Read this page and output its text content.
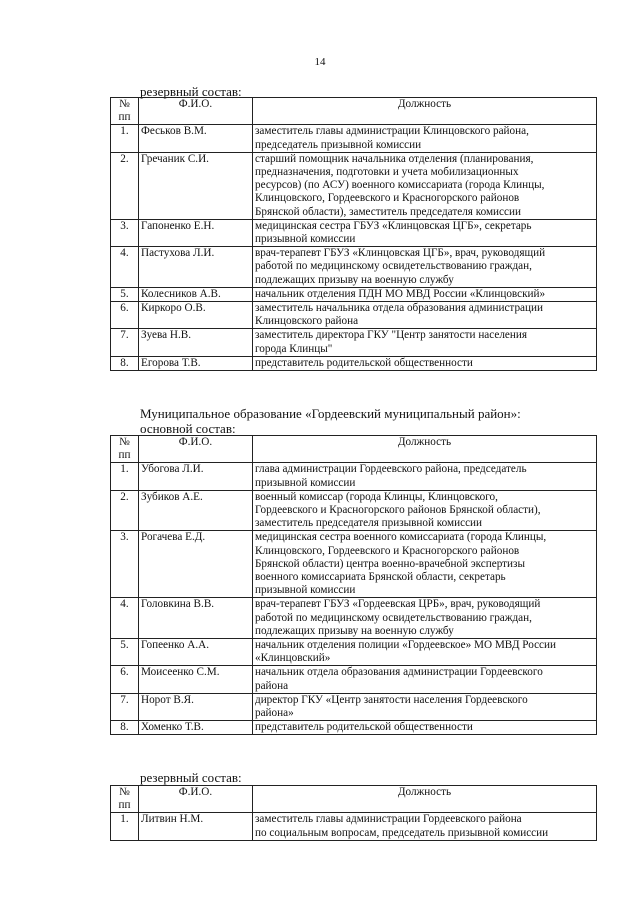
14
резервный состав:
№ пп	Ф.И.О.	Должность
1.	Феськов В.М.	заместитель главы администрации Клинцовского района,
председатель призывной комиссии

2.	Гречаник С.И.	старший помощник начальника отделения (планирования,
предназначения, подготовки и учета мобилизационных
ресурсов) (по АСУ) военного комиссариата (города Клинцы,
Клинцовского, Гордеевского и Красногорского районов
Брянской области), заместитель председателя комиссии

3.	Гапоненко Е.Н.	медицинская сестра ГБУЗ «Клинцовская ЦГБ», секретарь
призывной комиссии

4.	Пастухова Л.И.	врач-терапевт ГБУЗ «Клинцовская ЦГБ», врач, руководящий
работой по медицинскому освидетельствованию граждан,
подлежащих призыву на военную службу

5.	Колесников А.В.	начальник отделения ПДН МО МВД России «Клинцовский»

6.	Киркоро О.В.	заместитель начальника отдела образования администрации
Клинцовского района

7.	Зуева Н.В.	заместитель директора ГКУ "Центр занятости населения
города Клинцы"

8.	Егорова Т.В.	представитель родительской общественности
Муниципальное образование «Гордеевский муниципальный район»:
основной состав:
№ пп	Ф.И.О.	Должность
1.	Убогова Л.И.	глава администрации Гордеевского района, председатель
призывной комиссии

2.	Зубиков А.Е.	военный комиссар (города Клинцы, Клинцовского,
Гордеевского и Красногорского районов Брянской области),
заместитель председателя призывной комиссии

3.	Рогачева Е.Д.	медицинская сестра военного комиссариата (города Клинцы,
Клинцовского, Гордеевского и Красногорского районов
Брянской области) центра военно-врачебной экспертизы
военного комиссариата Брянской области, секретарь
призывной комиссии

4.	Головкина В.В.	врач-терапевт ГБУЗ «Гордеевская ЦРБ», врач, руководящий
работой по медицинскому освидетельствованию граждан,
подлежащих призыву на военную службу

5.	Гопеенко А.А.	начальник отделения полиции «Гордеевское» МО МВД России
«Клинцовский»

6.	Моисеенко С.М.	начальник отдела образования администрации Гордеевского
района

7.	Норот В.Я.	директор ГКУ «Центр занятости населения Гордеевского
района»

8.	Хоменко Т.В.	представитель родительской общественности
резервный состав:
№ пп	Ф.И.О.	Должность
1.	Литвин Н.М.	заместитель главы администрации Гордеевского района
по социальным вопросам, председатель призывной комиссии
